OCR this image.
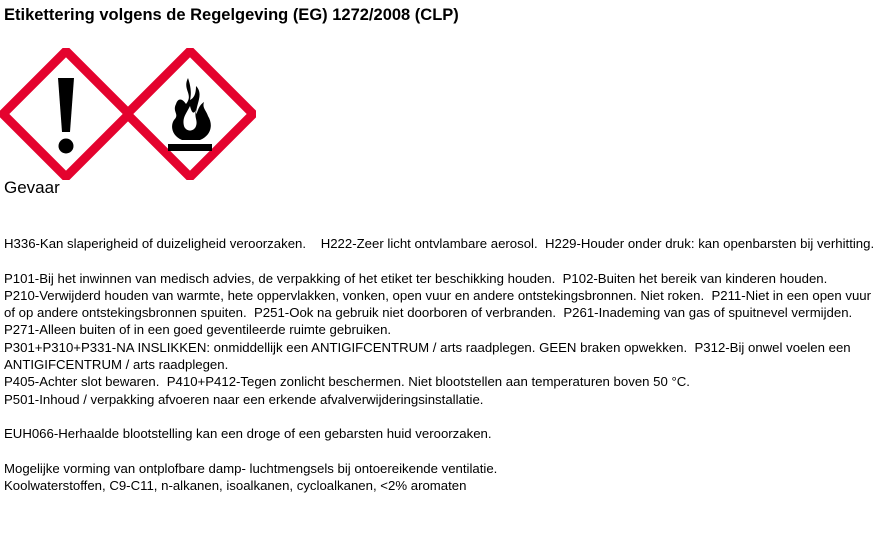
Etikettering volgens de Regelgeving (EG) 1272/2008 (CLP)
Gevaar

H336-Kan slaperigheid of duizeligheid veroorzaken.    H222-Zeer licht ontvlambare aerosol.  H229-Houder onder druk: kan openbarsten bij verhitting.

P101-Bij het inwinnen van medisch advies, de verpakking of het etiket ter beschikking houden.  P102-Buiten het bereik van kinderen houden.

P210-Verwijderd houden van warmte, hete oppervlakken, vonken, open vuur en andere ontstekingsbronnen. Niet roken.  P211-Niet in een open vuur of op andere ontstekingsbronnen spuiten.  P251-Ook na gebruik niet doorboren of verbranden.  P261-Inademing van gas of spuitnevel vermijden.  P271-Alleen buiten of in een goed geventileerde ruimte gebruiken.

P301+P310+P331-NA INSLIKKEN: onmiddellijk een ANTIGIFCENTRUM / arts raadplegen. GEEN braken opwekken.  P312-Bij onwel voelen een ANTIGIFCENTRUM / arts raadplegen.

P405-Achter slot bewaren.  P410+P412-Tegen zonlicht beschermen. Niet blootstellen aan temperaturen boven 50 °C.

P501-Inhoud / verpakking afvoeren naar een erkende afvalverwijderingsinstallatie.

EUH066-Herhaalde blootstelling kan een droge of een gebarsten huid veroorzaken.

Mogelijke vorming van ontplofbare damp- luchtmengsels bij ontoereikende ventilatie.

Koolwaterstoffen, C9-C11, n-alkanen, isoalkanen, cycloalkanen, <2% aromaten
